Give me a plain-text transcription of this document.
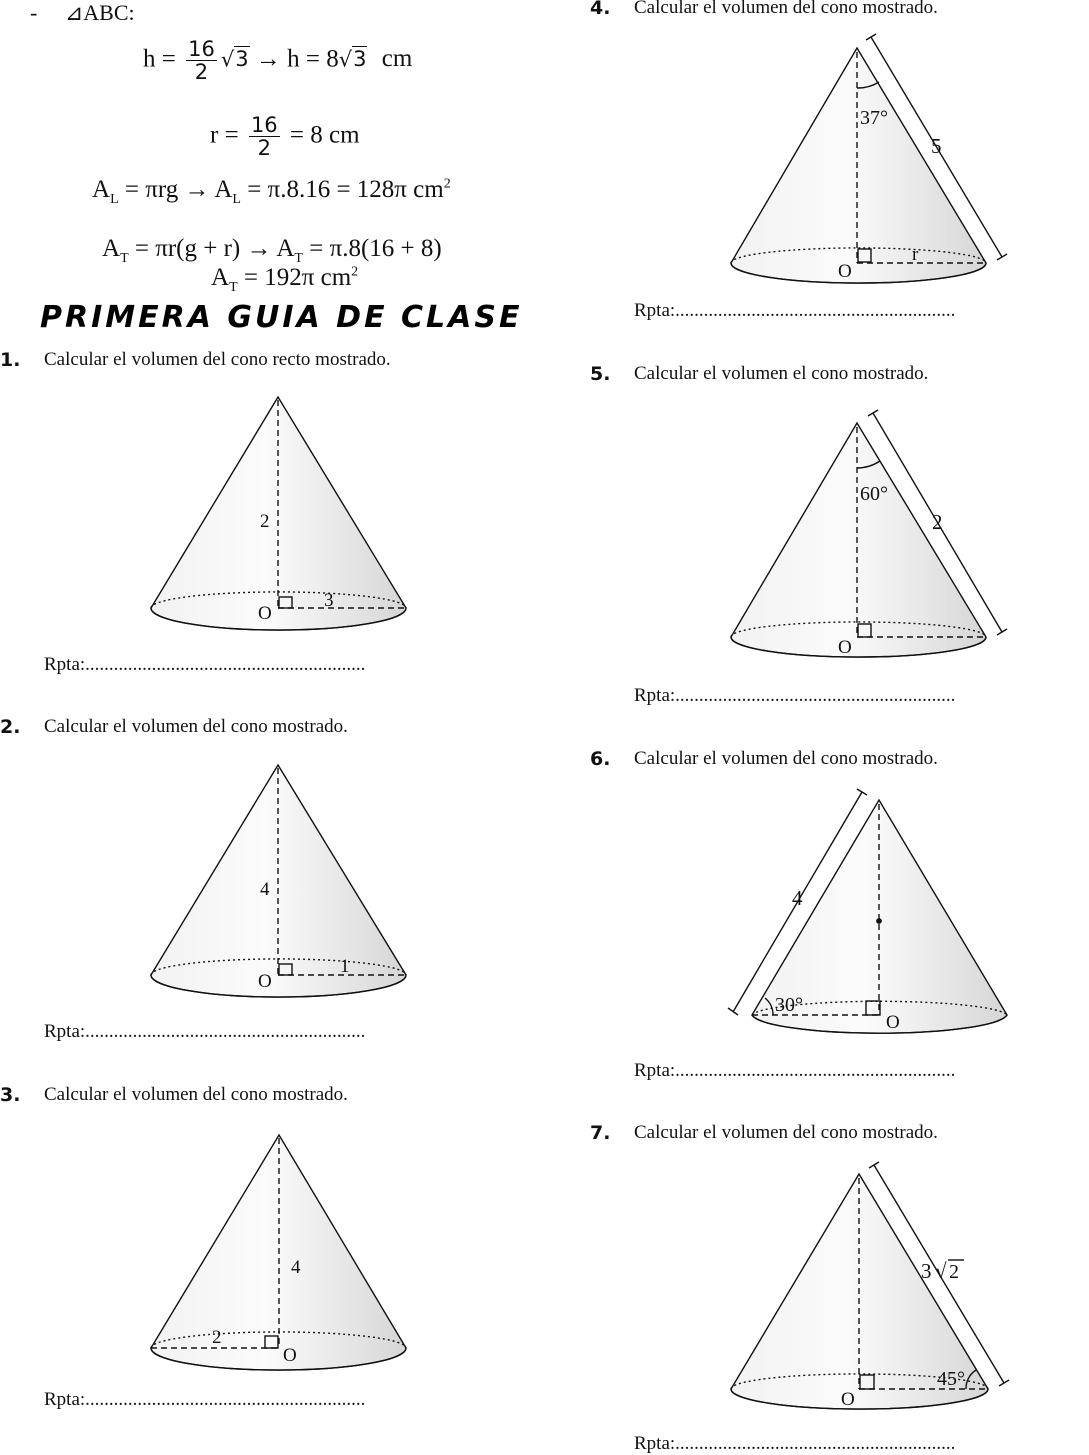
- ⊿ABC:
$h = \frac{16}{2} √3 \to h = 8√3$ cm
$r = \frac{16}{2} = 8$ cm
$A_L = \pi rg \to A_L = \pi.8.16 = 128\pi$ $cm^2$
$A_T = \pi r(g + r) \to A_T = \pi.8(16 + 8)$
$A_T = 192\pi$ $cm^2$
PRIMERA GUIA DE CLASE
1. Calcular el volumen del cono recto mostrado.
2. Calcular el volumen del cono mostrado.
3. Calcular el volumen del cono mostrado.
4. Calcular el volumen del cono mostrado.
5. Calcular el volumen el cono mostrado.
6. Calcular el volumen del cono mostrado.
7. Calcular el volumen del cono mostrado.
Rpta:...........................................................
Rpta:...........................................................
Rpta:...........................................................
Rpta:...........................................................
Rpta:...........................................................
Rpta:...........................................................
Rpta:...........................................................
2
3
O
4
1
O
4
2
O
37°
5
r
O
60°
2
O
4
30°
O
3 √ 2
45°
O
